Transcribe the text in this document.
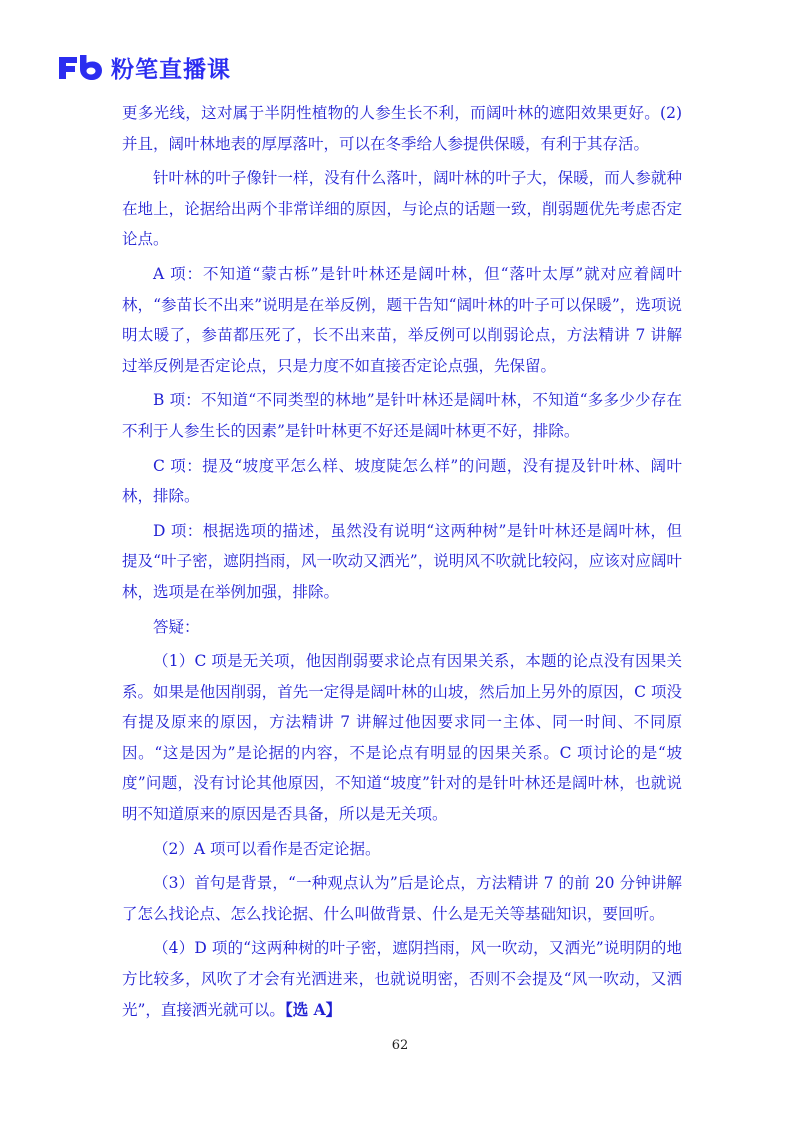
粉笔直播课

更多光线，这对属于半阴性植物的人参生长不利，而阔叶林的遮阳效果更好。(2)并且，阔叶林地表的厚厚落叶，可以在冬季给人参提供保暖，有利于其存活。

针叶林的叶子像针一样，没有什么落叶，阔叶林的叶子大，保暖，而人参就种在地上，论据给出两个非常详细的原因，与论点的话题一致，削弱题优先考虑否定论点。

A 项：不知道“蒙古栎”是针叶林还是阔叶林，但“落叶太厚”就对应着阔叶林，“参苗长不出来”说明是在举反例，题干告知“阔叶林的叶子可以保暖”，选项说明太暖了，参苗都压死了，长不出来苗，举反例可以削弱论点，方法精讲 7 讲解过举反例是否定论点，只是力度不如直接否定论点强，先保留。

B 项：不知道“不同类型的林地”是针叶林还是阔叶林，不知道“多多少少存在不利于人参生长的因素”是针叶林更不好还是阔叶林更不好，排除。

C 项：提及“坡度平怎么样、坡度陡怎么样”的问题，没有提及针叶林、阔叶林，排除。

D 项：根据选项的描述，虽然没有说明“这两种树”是针叶林还是阔叶林，但提及“叶子密，遮阴挡雨，风一吹动又洒光”，说明风不吹就比较闷，应该对应阔叶林，选项是在举例加强，排除。

答疑：

（1）C 项是无关项，他因削弱要求论点有因果关系，本题的论点没有因果关系。如果是他因削弱，首先一定得是阔叶林的山坡，然后加上另外的原因，C 项没有提及原来的原因，方法精讲 7 讲解过他因要求同一主体、同一时间、不同原因。“这是因为”是论据的内容，不是论点有明显的因果关系。C 项讨论的是“坡度”问题，没有讨论其他原因，不知道“坡度”针对的是针叶林还是阔叶林，也就说明不知道原来的原因是否具备，所以是无关项。

（2）A 项可以看作是否定论据。

（3）首句是背景，“一种观点认为”后是论点，方法精讲 7 的前 20 分钟讲解了怎么找论点、怎么找论据、什么叫做背景、什么是无关等基础知识，要回听。

（4）D 项的“这两种树的叶子密，遮阴挡雨，风一吹动，又洒光”说明阴的地方比较多，风吹了才会有光洒进来，也就说明密，否则不会提及“风一吹动，又洒光”，直接洒光就可以。【选 A】

62
